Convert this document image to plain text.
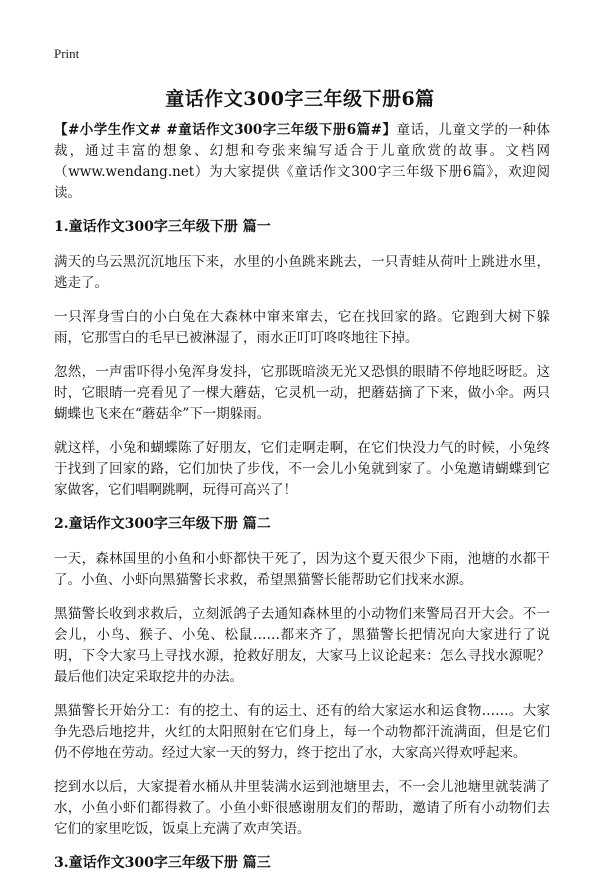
Print
童话作文300字三年级下册6篇

【#小学生作文# #童话作文300字三年级下册6篇#】童话，儿童文学的一种体裁，通过丰富的想象、幻想和夸张来编写适合于儿童欣赏的故事。文档网（www.wendang.net）为大家提供《童话作文300字三年级下册6篇》，欢迎阅读。

1.童话作文300字三年级下册 篇一

满天的乌云黑沉沉地压下来，水里的小鱼跳来跳去，一只青蛙从荷叶上跳进水里，逃走了。

一只浑身雪白的小白兔在大森林中窜来窜去，它在找回家的路。它跑到大树下躲雨，它那雪白的毛早已被淋湿了，雨水正叮叮咚咚地往下掉。

忽然，一声雷吓得小兔浑身发抖，它那既暗淡无光又恐惧的眼睛不停地眨呀眨。这时，它眼睛一亮看见了一棵大蘑菇，它灵机一动，把蘑菇摘了下来，做小伞。两只蝴蝶也飞来在“蘑菇伞”下一期躲雨。

就这样，小兔和蝴蝶陈了好朋友，它们走啊走啊，在它们快没力气的时候，小兔终于找到了回家的路，它们加快了步伐，不一会儿小兔就到家了。小兔邀请蝴蝶到它家做客，它们唱啊跳啊，玩得可高兴了！

2.童话作文300字三年级下册 篇二

一天，森林国里的小鱼和小虾都快干死了，因为这个夏天很少下雨，池塘的水都干了。小鱼、小虾向黑猫警长求救，希望黑猫警长能帮助它们找来水源。

黑猫警长收到求救后，立刻派鸽子去通知森林里的小动物们来警局召开大会。不一会儿，小鸟、猴子、小兔、松鼠……都来齐了，黑猫警长把情况向大家进行了说明，下令大家马上寻找水源，抢救好朋友，大家马上议论起来：怎么寻找水源呢？最后他们决定采取挖井的办法。

黑猫警长开始分工：有的挖土、有的运土、还有的给大家运水和运食物……。大家争先恐后地挖井，火红的太阳照射在它们身上，每一个动物都汗流满面，但是它们仍不停地在劳动。经过大家一天的努力，终于挖出了水，大家高兴得欢呼起来。

挖到水以后，大家提着水桶从井里装满水运到池塘里去，不一会儿池塘里就装满了水，小鱼小虾们都得救了。小鱼小虾很感谢朋友们的帮助，邀请了所有小动物们去它们的家里吃饭，饭桌上充满了欢声笑语。

3.童话作文300字三年级下册 篇三
